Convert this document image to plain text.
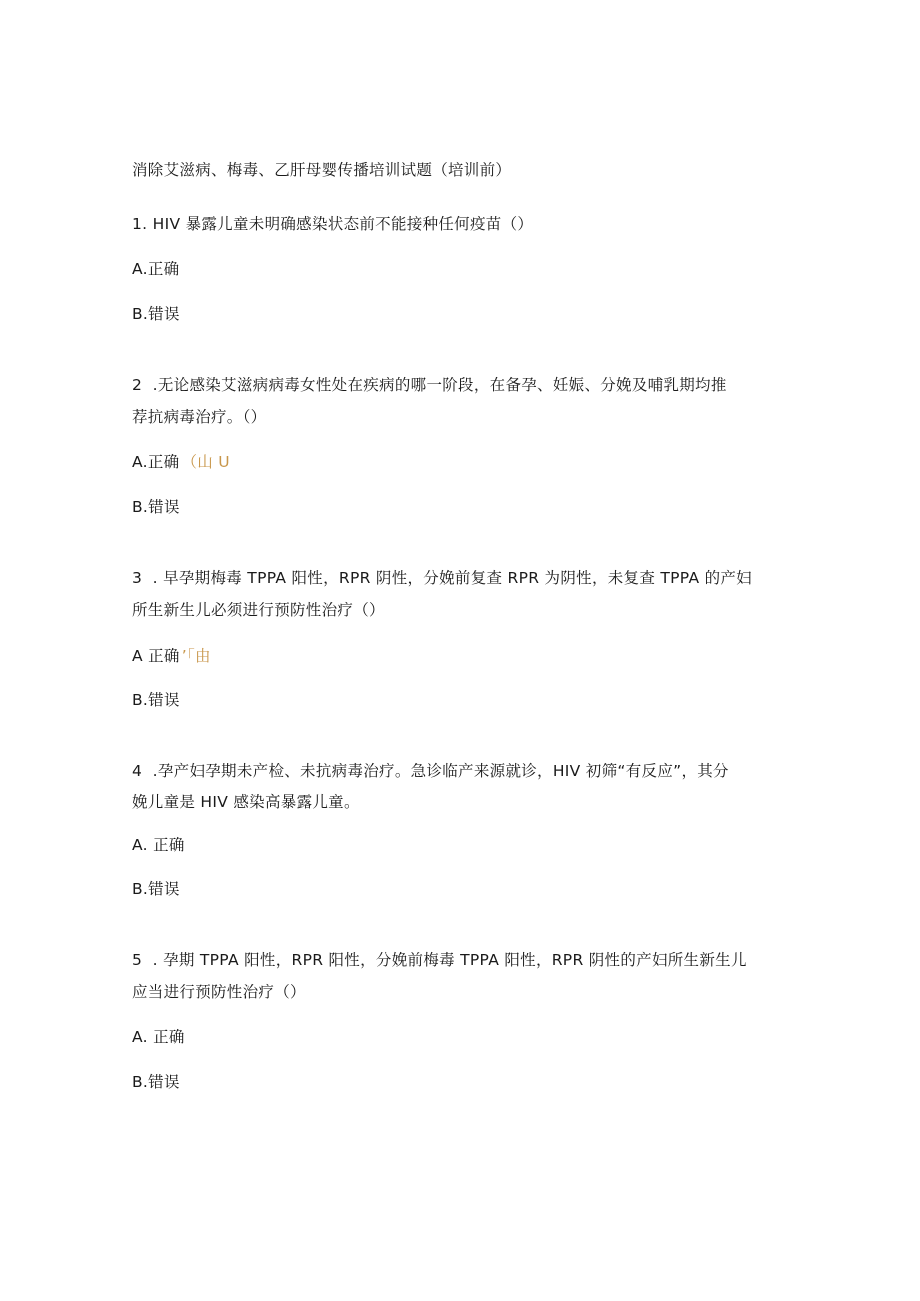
消除艾滋病、梅毒、乙肝母婴传播培训试题（培训前）
1. HIV 暴露儿童未明确感染状态前不能接种任何疫苗（）
A.正确
B.错误
2  .无论感染艾滋病病毒女性处在疾病的哪一阶段，在备孕、妊娠、分娩及哺乳期均推
荐抗病毒治疗。（）
A.正确 （山 U
B.错误
3  . 早孕期梅毒 TPPA 阳性，RPR 阴性，分娩前复查 RPR 为阴性，未复查 TPPA 的产妇
所生新生儿必须进行预防性治疗（）
A 正确 ’「由
B.错误
4  .孕产妇孕期未产检、未抗病毒治疗。急诊临产来源就诊，HIV 初筛“有反应”，其分
娩儿童是 HIV 感染高暴露儿童。
A. 正确
B.错误
5  . 孕期 TPPA 阳性，RPR 阳性，分娩前梅毒 TPPA 阳性，RPR 阴性的产妇所生新生儿
应当进行预防性治疗（）
A. 正确
B.错误
